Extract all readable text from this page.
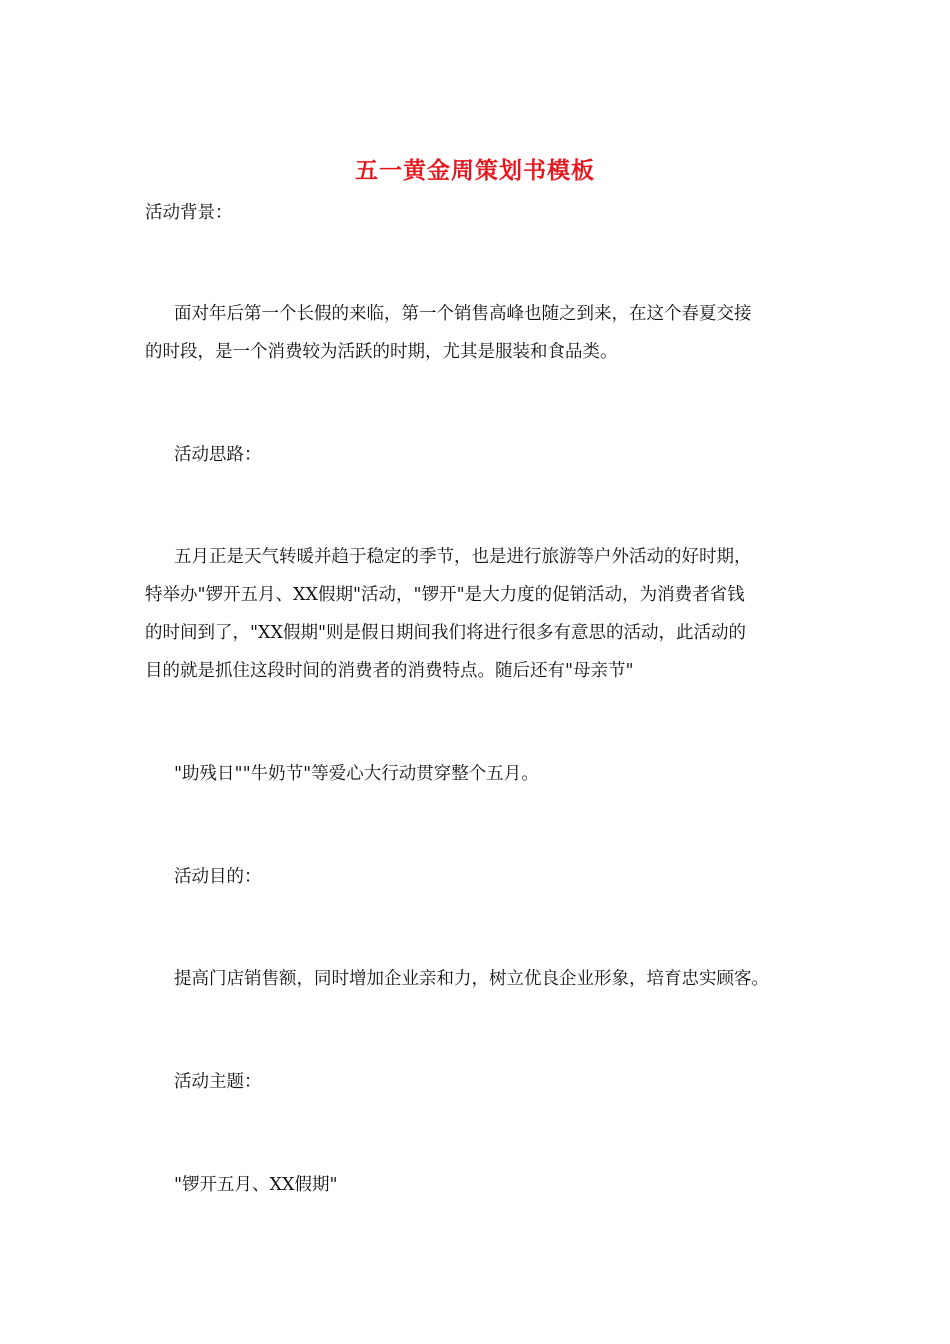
五一黄金周策划书模板
活动背景：
面对年后第一个长假的来临，第一个销售高峰也随之到来，在这个春夏交接
的时段，是一个消费较为活跃的时期，尤其是服装和食品类。
活动思路：
五月正是天气转暖并趋于稳定的季节，也是进行旅游等户外活动的好时期，
特举办"锣开五月、XX假期"活动，"锣开"是大力度的促销活动，为消费者省钱
的时间到了，"XX假期"则是假日期间我们将进行很多有意思的活动，此活动的
目的就是抓住这段时间的消费者的消费特点。随后还有"母亲节"
"助残日""牛奶节"等爱心大行动贯穿整个五月。
活动目的：
提高门店销售额，同时增加企业亲和力，树立优良企业形象，培育忠实顾客。
活动主题：
"锣开五月、XX假期"
